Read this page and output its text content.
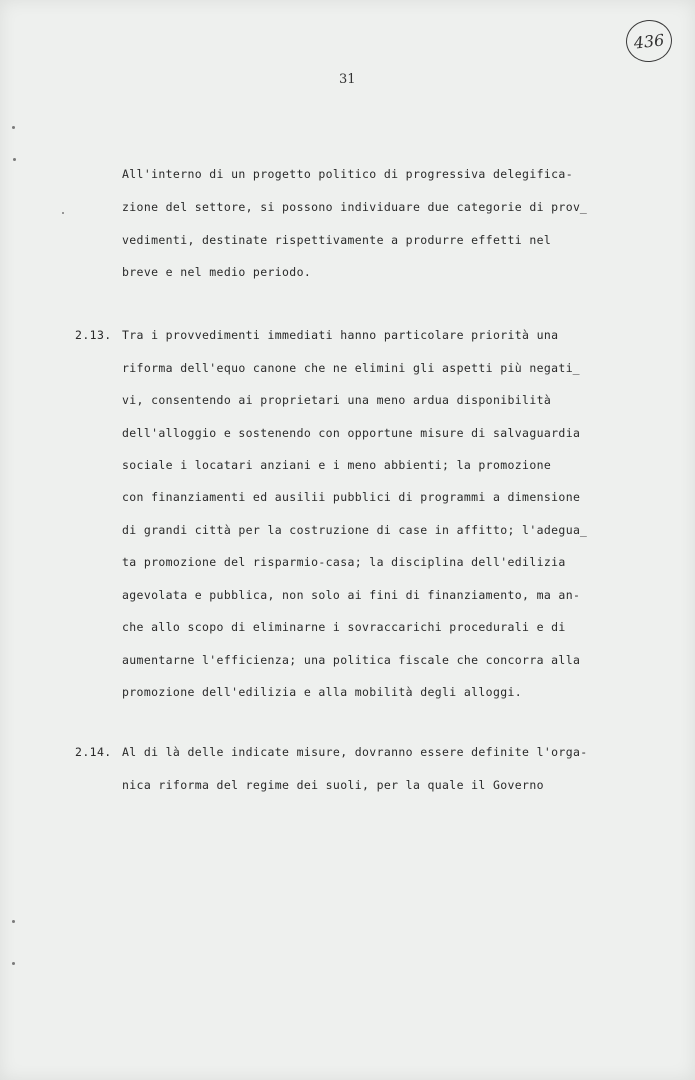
436
31
All'interno di un progetto politico di progressiva delegifica-
zione del settore, si possono individuare due categorie di prov̲
vedimenti, destinate rispettivamente a produrre effetti nel
breve e nel medio periodo.
2.13. Tra i provvedimenti immediati hanno particolare priorità una
riforma dell'equo canone che ne elimini gli aspetti più negati̲
vi, consentendo ai proprietari una meno ardua disponibilità
dell'alloggio e sostenendo con opportune misure di salvaguardia
sociale i locatari anziani e i meno abbienti; la promozione
con finanziamenti ed ausilii pubblici di programmi a dimensione
di grandi città per la costruzione di case in affitto; l'adegua̲
ta promozione del risparmio-casa; la disciplina dell'edilizia
agevolata e pubblica, non solo ai fini di finanziamento, ma an-
che allo scopo di eliminarne i sovraccarichi procedurali e di
aumentarne l'efficienza; una politica fiscale che concorra alla
promozione dell'edilizia e alla mobilità degli alloggi.
2.14. Al di là delle indicate misure, dovranno essere definite l'orga-
nica riforma del regime dei suoli, per la quale il Governo
